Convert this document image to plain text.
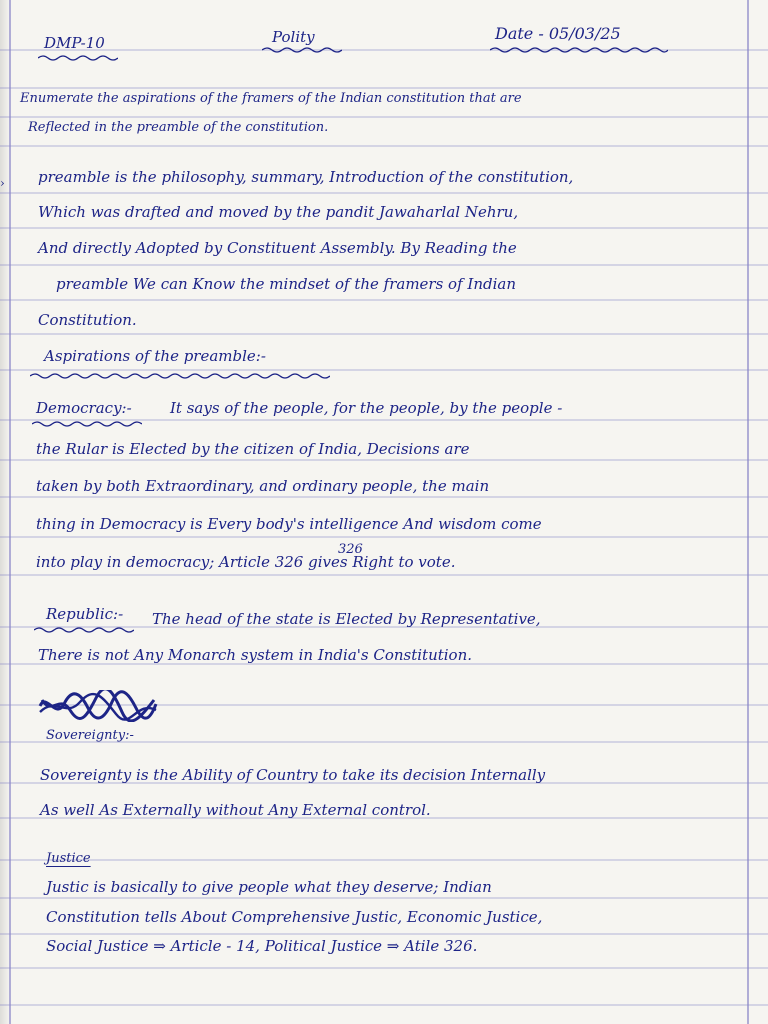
DMP-10	Polity	Date - 05/03/25
Enumerate the aspirations of the framers of the Indian constitution that are
Reflected in the preamble of the constitution.
› preamble is the philosophy, summary, Introduction of the constitution,
Which was drafted and moved by the pandit Jawaharlal Nehru,
And directly Adopted by Constituent Assembly. By Reading the
preamble We can Know the mindset of the framers of Indian
Constitution.
Aspirations of the preamble:-
Democracy:-	It says of the people, for the people, by the people -
the Rular is Elected by the citizen of India, Decisions are
taken by both Extraordinary, and ordinary people, the main
thing in Democracy is Every body's intelligence And wisdom come
326
into play in democracy; Article 326 gives Right to vote.
Republic:- The head of the state is Elected by Representative,
There is not Any Monarch system in India's Constitution.
Sovereignty:-
Sovereignty is the Ability of Country to take its decision Internally
As well As Externally without Any External control.
Justice
Justic is basically to give people what they deserve; Indian
Constitution tells About Comprehensive Justic, Economic Justice,
Social Justice ⇒ Article - 14, Political Justice ⇒ Atile 326.
